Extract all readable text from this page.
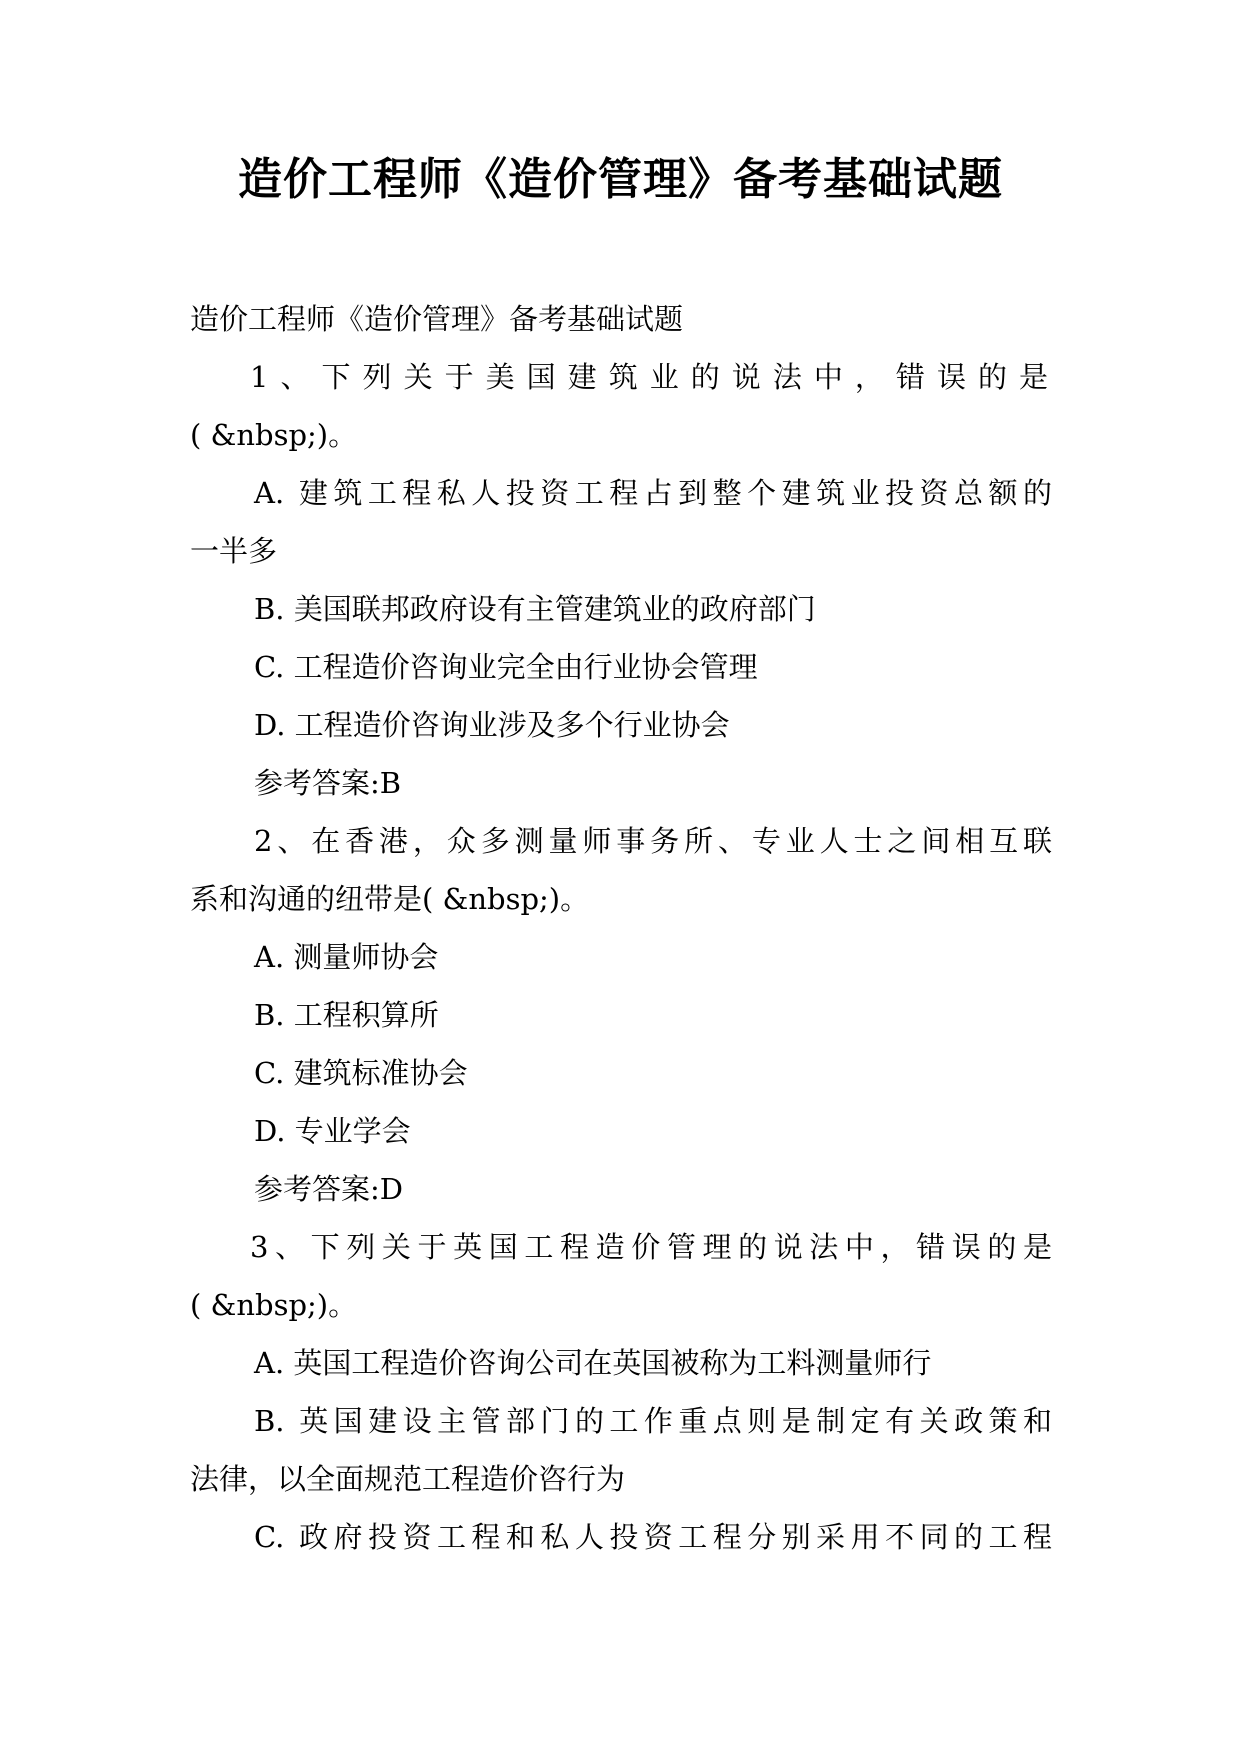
造价工程师《造价管理》备考基础试题

造价工程师《造价管理》备考基础试题

1、下列关于美国建筑业的说法中，错误的是

( &nbsp;)。

A. 建筑工程私人投资工程占到整个建筑业投资总额的

一半多

B. 美国联邦政府设有主管建筑业的政府部门

C. 工程造价咨询业完全由行业协会管理

D. 工程造价咨询业涉及多个行业协会

参考答案:B

2、在香港，众多测量师事务所、专业人士之间相互联

系和沟通的纽带是( &nbsp;)。

A. 测量师协会

B. 工程积算所

C. 建筑标准协会

D. 专业学会

参考答案:D

3、下列关于英国工程造价管理的说法中，错误的是

( &nbsp;)。

A. 英国工程造价咨询公司在英国被称为工料测量师行

B. 英国建设主管部门的工作重点则是制定有关政策和

法律，以全面规范工程造价咨行为

C. 政府投资工程和私人投资工程分别采用不同的工程
